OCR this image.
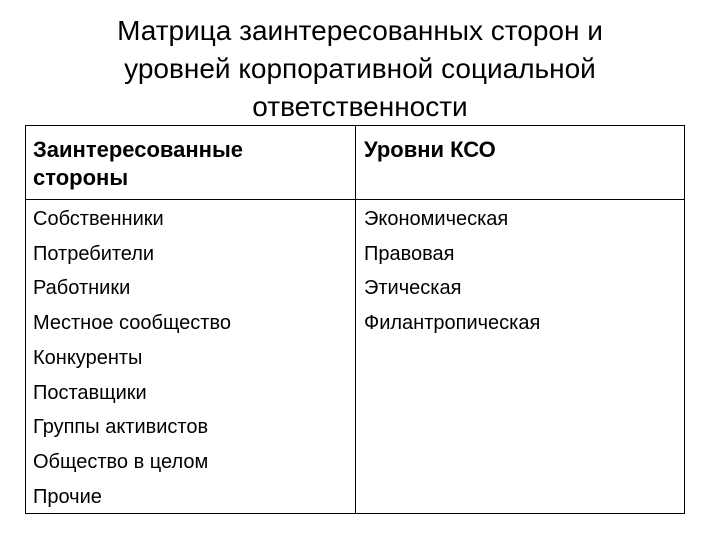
Матрица заинтересованных сторон и
уровней корпоративной социальной
ответственности
Заинтересованные
стороны
Уровни КСО
Собственники
Потребители
Работники
Местное сообщество
Конкуренты
Поставщики
Группы активистов
Общество в целом
Прочие
Экономическая
Правовая
Этическая
Филантропическая
